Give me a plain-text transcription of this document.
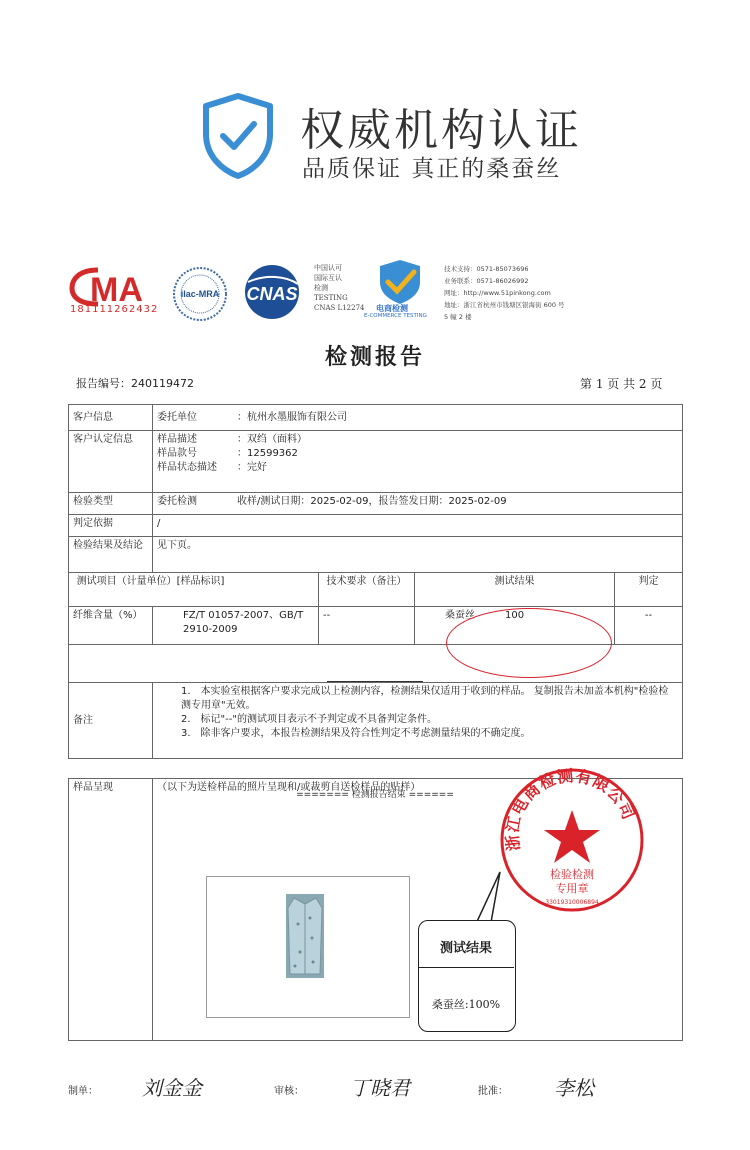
权威机构认证
品质保证 真正的桑蚕丝
MA
181111262432
ilac-MRA CNAS
中国认可
国际互认
检测
TESTING
CNAS L12274 电商检测
E-COMMERCE TESTING
技术支持：0571-85073696
业务联系：0571-86026992
网址：http://www.51pinkong.com
地址：浙江省杭州市钱塘区银海街 600 号
5 幢 2 楼
检测报告
报告编号：240119472	第 1 页 共 2 页
客户信息	委托单位 ：杭州水墨服饰有限公司			
客户认定信息	样品描述 ：双绉（面料）
样品款号 ：12599362
样品状态描述 ：完好			

检验类型	委托检测 收样/测试日期：2025-02-09，报告签发日期：2025-02-09			
判定依据	/			
检验结果及结论	见下页。			
测试项目（计量单位）[样品标识]		技术要求（备注）	测试结果	判定
纤维含量（%）	FZ/T 01057-2007、GB/T 2910-2009	--	桑蚕丝 100	--

备注	1.　本实验室根据客户要求完成以上检测内容，检测结果仅适用于收到的样品。 复制报告未加盖本机构"检验检测专用章"无效。
2.　标记"--"的测试项目表示不予判定或不具备判定条件。
3.　除非客户要求，本报告检测结果及符合性判定不考虑测量结果的不确定度。			

样品呈现	（以下为送检样品的照片呈现和/或裁剪自送检样品的贴样）			
======= 检测报告结束 ======
浙江电商检测有限公司
检验检测
专用章
33019310006894
测试结果
桑蚕丝:100%
制单： 刘金金	审核： 丁晓君	批准： 李松
